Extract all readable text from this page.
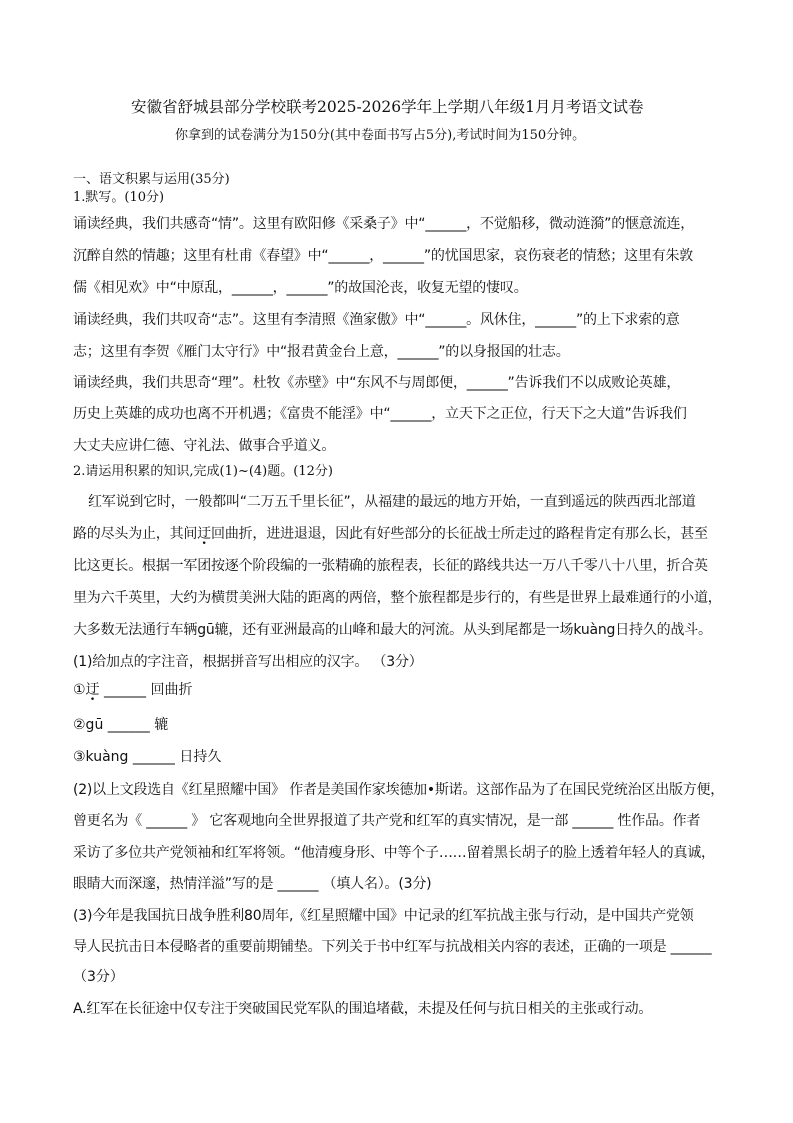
安徽省舒城县部分学校联考2025-2026学年上学期八年级1月月考语文试卷
你拿到的试卷满分为150分(其中卷面书写占5分),考试时间为150分钟。
一、语文积累与运用(35分)
1.默写。(10分)
诵读经典，我们共感奇“情”。这里有欧阳修《采桑子》中“______，不觉船移，微动涟漪”的惬意流连，
沉醉自然的情趣；这里有杜甫《春望》中“______，______”的忧国思家，哀伤衰老的情愁；这里有朱敦
儒《相见欢》中“中原乱，______，______”的故国沦丧，收复无望的悽叹。
诵读经典，我们共叹奇“志”。这里有李清照《渔家傲》中“______。风休住，______”的上下求索的意
志；这里有李贺《雁门太守行》中“报君黄金台上意，______”的以身报国的壮志。
诵读经典，我们共思奇“理”。杜牧《赤壁》中“东风不与周郎便，______”告诉我们不以成败论英雄，
历史上英雄的成功也离不开机遇；《富贵不能淫》中“______，立天下之正位，行天下之大道”告诉我们
大丈夫应讲仁德、守礼法、做事合乎道义。
2.请运用积累的知识,完成(1)~(4)题。(12分)
红军说到它时，一般都叫“二万五千里长征”，从福建的最远的地方开始，一直到遥远的陕西西北部道
路的尽头为止，其间迂回曲折，进进退退，因此有好些部分的长征战士所走过的路程肯定有那么长，甚至
比这更长。根据一军团按逐个阶段编的一张精确的旅程表，长征的路线共达一万八千零八十八里，折合英
里为六千英里，大约为横贯美洲大陆的距离的两倍，整个旅程都是步行的，有些是世界上最难通行的小道，
大多数无法通行车辆gū辘，还有亚洲最高的山峰和最大的河流。从头到尾都是一场kuàng日持久的战斗。
(1)给加点的字注音，根据拼音写出相应的汉字。 （3分）
①迂 ______ 回曲折
②gū ______ 辘
③kuàng ______ 日持久
(2)以上文段选自《红星照耀中国》 作者是美国作家埃德加•斯诺。这部作品为了在国民党统治区出版方便，
曾更名为《 ______ 》 它客观地向全世界报道了共产党和红军的真实情况，是一部 ______ 性作品。作者
采访了多位共产党领袖和红军将领。“他清瘦身形、中等个子……留着黑长胡子的脸上透着年轻人的真诚，
眼睛大而深邃，热情洋溢”写的是 ______ （填人名）。(3分)
(3)今年是我国抗日战争胜利80周年,《红星照耀中国》中记录的红军抗战主张与行动，是中国共产党领
导人民抗击日本侵略者的重要前期铺垫。下列关于书中红军与抗战相关内容的表述，正确的一项是 ______
（3分）
A.红军在长征途中仅专注于突破国民党军队的围追堵截，未提及任何与抗日相关的主张或行动。
